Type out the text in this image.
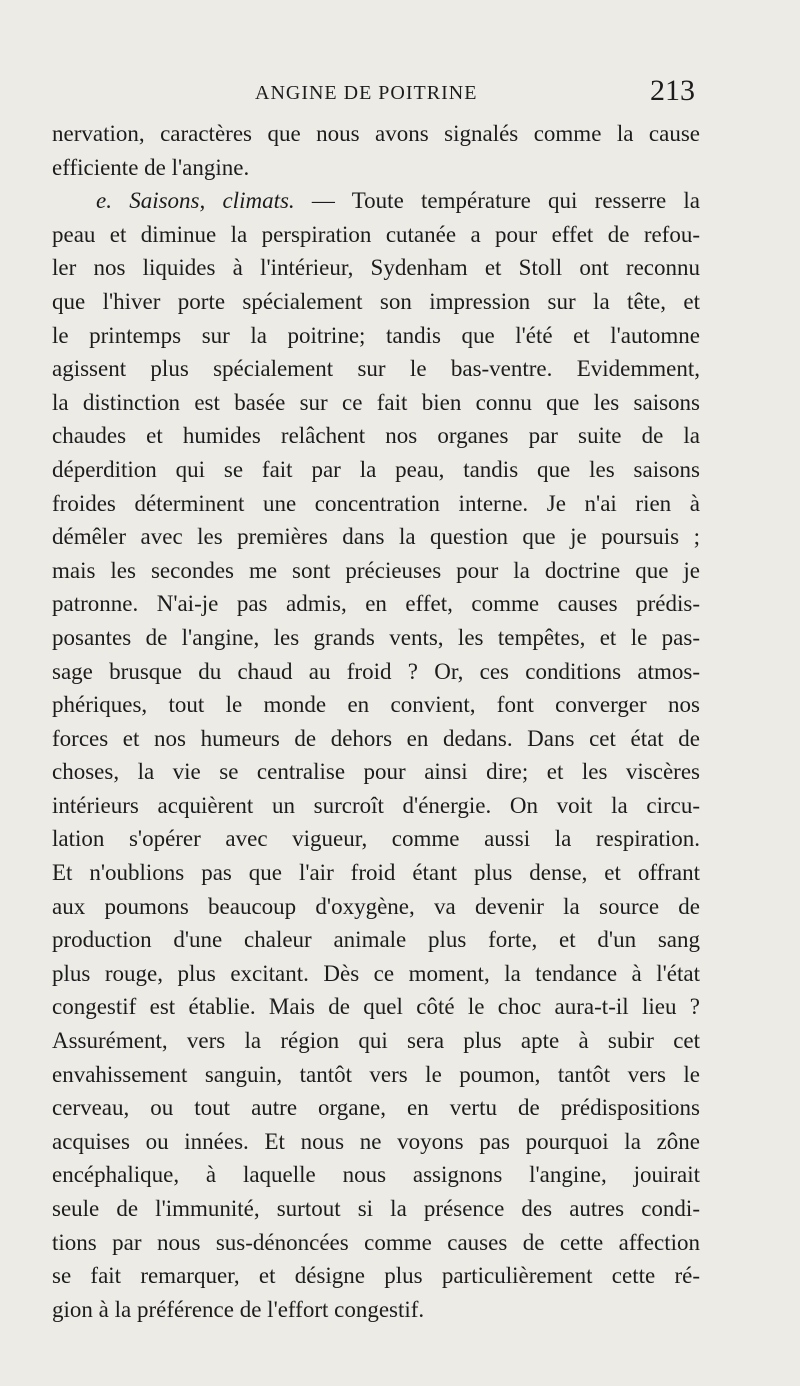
ANGINE DE POITRINE	213
nervation, caractères que nous avons signalés comme la cause
efficiente de l'angine.
e. Saisons, climats. — Toute température qui resserre la
peau et diminue la perspiration cutanée a pour effet de refou-
ler nos liquides à l'intérieur, Sydenham et Stoll ont reconnu
que l'hiver porte spécialement son impression sur la tête, et
le printemps sur la poitrine; tandis que l'été et l'automne
agissent plus spécialement sur le bas-ventre. Evidemment,
la distinction est basée sur ce fait bien connu que les saisons
chaudes et humides relâchent nos organes par suite de la
déperdition qui se fait par la peau, tandis que les saisons
froides déterminent une concentration interne. Je n'ai rien à
démêler avec les premières dans la question que je poursuis ;
mais les secondes me sont précieuses pour la doctrine que je
patronne. N'ai-je pas admis, en effet, comme causes prédis-
posantes de l'angine, les grands vents, les tempêtes, et le pas-
sage brusque du chaud au froid ? Or, ces conditions atmos-
phériques, tout le monde en convient, font converger nos
forces et nos humeurs de dehors en dedans. Dans cet état de
choses, la vie se centralise pour ainsi dire; et les viscères
intérieurs acquièrent un surcroît d'énergie. On voit la circu-
lation s'opérer avec vigueur, comme aussi la respiration.
Et n'oublions pas que l'air froid étant plus dense, et offrant
aux poumons beaucoup d'oxygène, va devenir la source de
production d'une chaleur animale plus forte, et d'un sang
plus rouge, plus excitant. Dès ce moment, la tendance à l'état
congestif est établie. Mais de quel côté le choc aura-t-il lieu ?
Assurément, vers la région qui sera plus apte à subir cet
envahissement sanguin, tantôt vers le poumon, tantôt vers le
cerveau, ou tout autre organe, en vertu de prédispositions
acquises ou innées. Et nous ne voyons pas pourquoi la zône
encéphalique, à laquelle nous assignons l'angine, jouirait
seule de l'immunité, surtout si la présence des autres condi-
tions par nous sus-dénoncées comme causes de cette affection
se fait remarquer, et désigne plus particulièrement cette ré-
gion à la préférence de l'effort congestif.
